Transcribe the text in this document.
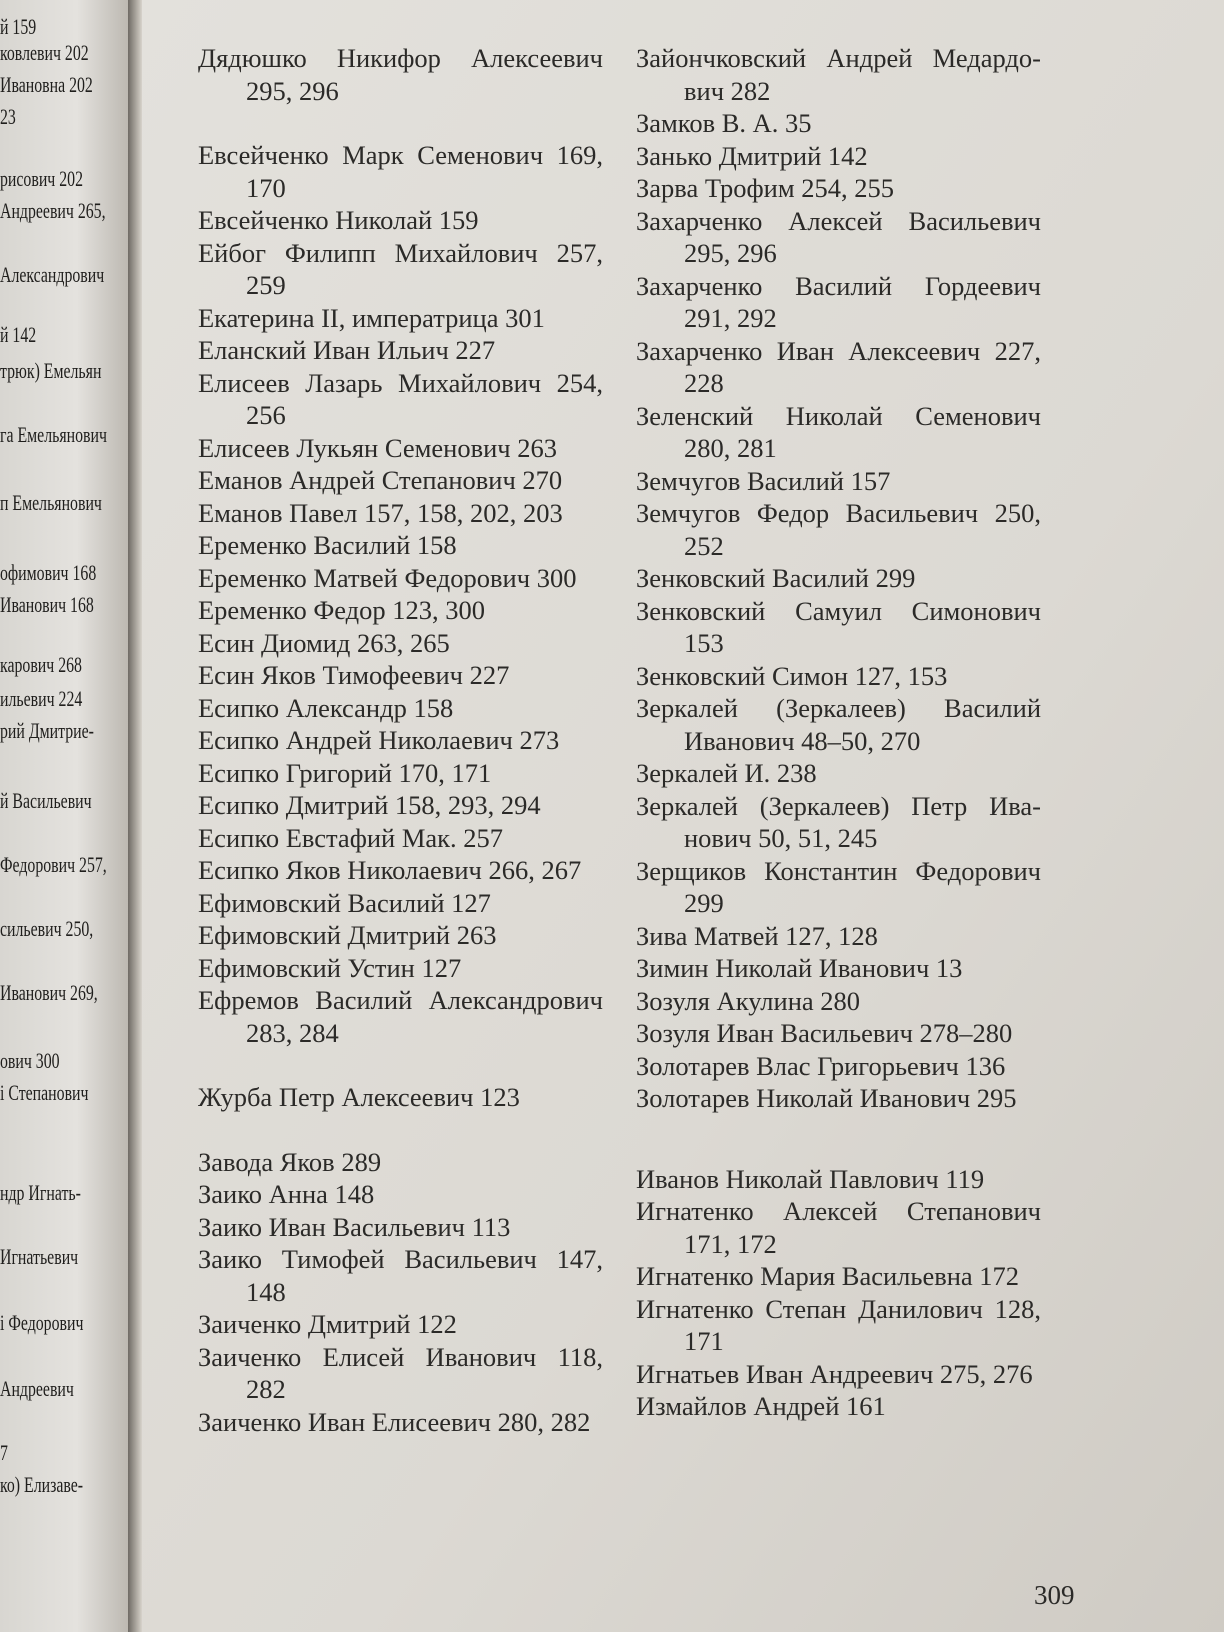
й 159
ковлевич 202
Ивановна 202
23
рисович 202
Андреевич 265,
Александрович
й 142
трюк) Емельян
га Емельянович
п Емельянович
офимович 168
Иванович 168
карович 268
ильевич 224
рий Дмитрие-
й Васильевич
Федорович 257,
сильевич 250,
Иванович 269,
ович 300
і Степанович
ндр Игнать-
Игнатьевич
і Федорович
Андреевич
7
ко) Елизаве-

Дядюшко Никифор Алексеевич 295, 296

Евсейченко Марк Семенович 169, 170

Евсейченко Николай 159

Ейбог Филипп Михайлович 257, 259

Екатерина II, императрица 301

Еланский Иван Ильич 227

Елисеев Лазарь Михайлович 254, 256

Елисеев Лукьян Семенович 263

Еманов Андрей Степанович 270

Еманов Павел 157, 158, 202, 203

Еременко Василий 158

Еременко Матвей Федорович 300

Еременко Федор 123, 300

Есин Диомид 263, 265

Есин Яков Тимофеевич 227

Есипко Александр 158

Есипко Андрей Николаевич 273

Есипко Григорий 170, 171

Есипко Дмитрий 158, 293, 294

Есипко Евстафий Мак. 257

Есипко Яков Николаевич 266, 267

Ефимовский Василий 127

Ефимовский Дмитрий 263

Ефимовский Устин 127

Ефремов Василий Александрович 283, 284

Журба Петр Алексеевич 123

Завода Яков 289

Заико Анна 148

Заико Иван Васильевич 113

Заико Тимофей Васильевич 147, 148

Заиченко Дмитрий 122

Заиченко Елисей Иванович 118, 282

Заиченко Иван Елисеевич 280, 282

Зайончковский Андрей Медардо-вич 282

Замков В. А. 35

Занько Дмитрий 142

Зарва Трофим 254, 255

Захарченко Алексей Васильевич 295, 296

Захарченко Василий Гордеевич 291, 292

Захарченко Иван Алексеевич 227, 228

Зеленский Николай Семенович 280, 281

Земчугов Василий 157

Земчугов Федор Васильевич 250, 252

Зенковский Василий 299

Зенковский Самуил Симонович 153

Зенковский Симон 127, 153

Зеркалей (Зеркалеев) Василий Иванович 48–50, 270

Зеркалей И. 238

Зеркалей (Зеркалеев) Петр Ива-нович 50, 51, 245

Зерщиков Константин Федорович 299

Зива Матвей 127, 128

Зимин Николай Иванович 13

Зозуля Акулина 280

Зозуля Иван Васильевич 278–280

Золотарев Влас Григорьевич 136

Золотарев Николай Иванович 295

Иванов Николай Павлович 119

Игнатенко Алексей Степанович 171, 172

Игнатенко Мария Васильевна 172

Игнатенко Степан Данилович 128, 171

Игнатьев Иван Андреевич 275, 276

Измайлов Андрей 161

309
